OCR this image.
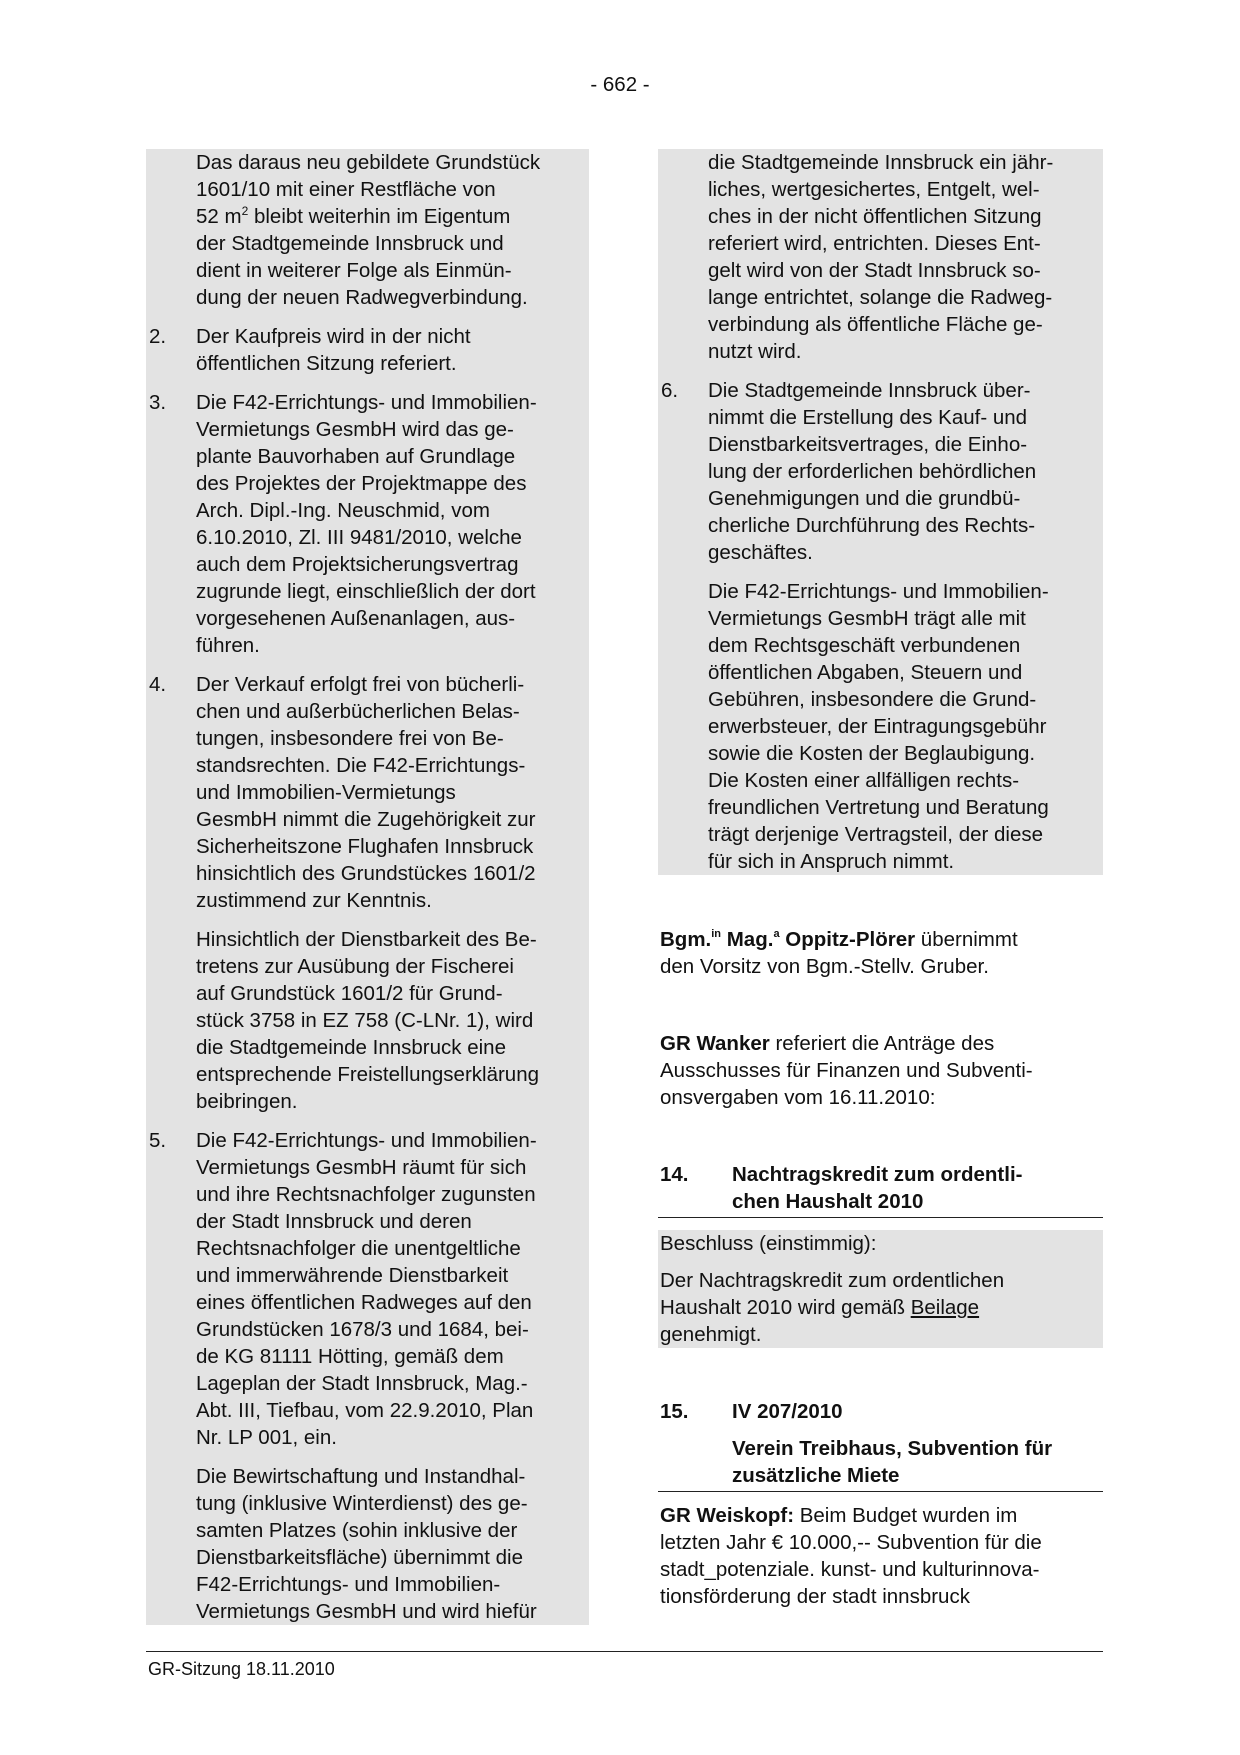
- 662 -
Das daraus neu gebildete Grundstück
1601/10 mit einer Restfläche von
52 $m^2$ bleibt weiterhin im Eigentum
der Stadtgemeinde Innsbruck und
dient in weiterer Folge als Einmün-
dung der neuen Radwegverbindung.
2. Der Kaufpreis wird in der nicht
öffentlichen Sitzung referiert.
3. Die F42-Errichtungs- und Immobilien-
Vermietungs GesmbH wird das ge-
plante Bauvorhaben auf Grundlage
des Projektes der Projektmappe des
Arch. Dipl.-Ing. Neuschmid, vom
6.10.2010, Zl. III 9481/2010, welche
auch dem Projektsicherungsvertrag
zugrunde liegt, einschließlich der dort
vorgesehenen Außenanlagen, aus-
führen.
4. Der Verkauf erfolgt frei von bücherli-
chen und außerbücherlichen Belas-
tungen, insbesondere frei von Be-
standsrechten. Die F42-Errichtungs-
und Immobilien-Vermietungs
GesmbH nimmt die Zugehörigkeit zur
Sicherheitszone Flughafen Innsbruck
hinsichtlich des Grundstückes 1601/2
zustimmend zur Kenntnis.
Hinsichtlich der Dienstbarkeit des Be-
tretens zur Ausübung der Fischerei
auf Grundstück 1601/2 für Grund-
stück 3758 in EZ 758 (C-LNr. 1), wird
die Stadtgemeinde Innsbruck eine
entsprechende Freistellungserklärung
beibringen.
5. Die F42-Errichtungs- und Immobilien-
Vermietungs GesmbH räumt für sich
und ihre Rechtsnachfolger zugunsten
der Stadt Innsbruck und deren
Rechtsnachfolger die unentgeltliche
und immerwährende Dienstbarkeit
eines öffentlichen Radweges auf den
Grundstücken 1678/3 und 1684, bei-
de KG 81111 Hötting, gemäß dem
Lageplan der Stadt Innsbruck, Mag.-
Abt. III, Tiefbau, vom 22.9.2010, Plan
Nr. LP 001, ein.
Die Bewirtschaftung und Instandhal-
tung (inklusive Winterdienst) des ge-
samten Platzes (sohin inklusive der
Dienstbarkeitsfläche) übernimmt die
F42-Errichtungs- und Immobilien-
Vermietungs GesmbH und wird hiefür
die Stadtgemeinde Innsbruck ein jähr-
liches, wertgesichertes, Entgelt, wel-
ches in der nicht öffentlichen Sitzung
referiert wird, entrichten. Dieses Ent-
gelt wird von der Stadt Innsbruck so-
lange entrichtet, solange die Radweg-
verbindung als öffentliche Fläche ge-
nutzt wird.
6. Die Stadtgemeinde Innsbruck über-
nimmt die Erstellung des Kauf- und
Dienstbarkeitsvertrages, die Einho-
lung der erforderlichen behördlichen
Genehmigungen und die grundbü-
cherliche Durchführung des Rechts-
geschäftes.
Die F42-Errichtungs- und Immobilien-
Vermietungs GesmbH trägt alle mit
dem Rechtsgeschäft verbundenen
öffentlichen Abgaben, Steuern und
Gebühren, insbesondere die Grund-
erwerbsteuer, der Eintragungsgebühr
sowie die Kosten der Beglaubigung.
Die Kosten einer allfälligen rechts-
freundlichen Vertretung und Beratung
trägt derjenige Vertragsteil, der diese
für sich in Anspruch nimmt.
Bgm.$^{in}$ Mag.$^a$ Oppitz-Plörer übernimmt
den Vorsitz von Bgm.-Stellv. Gruber.
GR Wanker referiert die Anträge des
Ausschusses für Finanzen und Subventi-
onsvergaben vom 16.11.2010:
14. Nachtragskredit zum ordentli-
chen Haushalt 2010
Beschluss (einstimmig):
Der Nachtragskredit zum ordentlichen
Haushalt 2010 wird gemäß Beilage
genehmigt.
15. IV 207/2010
Verein Treibhaus, Subvention für
zusätzliche Miete
GR Weiskopf: Beim Budget wurden im
letzten Jahr € 10.000,-- Subvention für die
stadt_potenziale. kunst- und kulturinnova-
tionsförderung der stadt innsbruck
GR-Sitzung 18.11.2010
